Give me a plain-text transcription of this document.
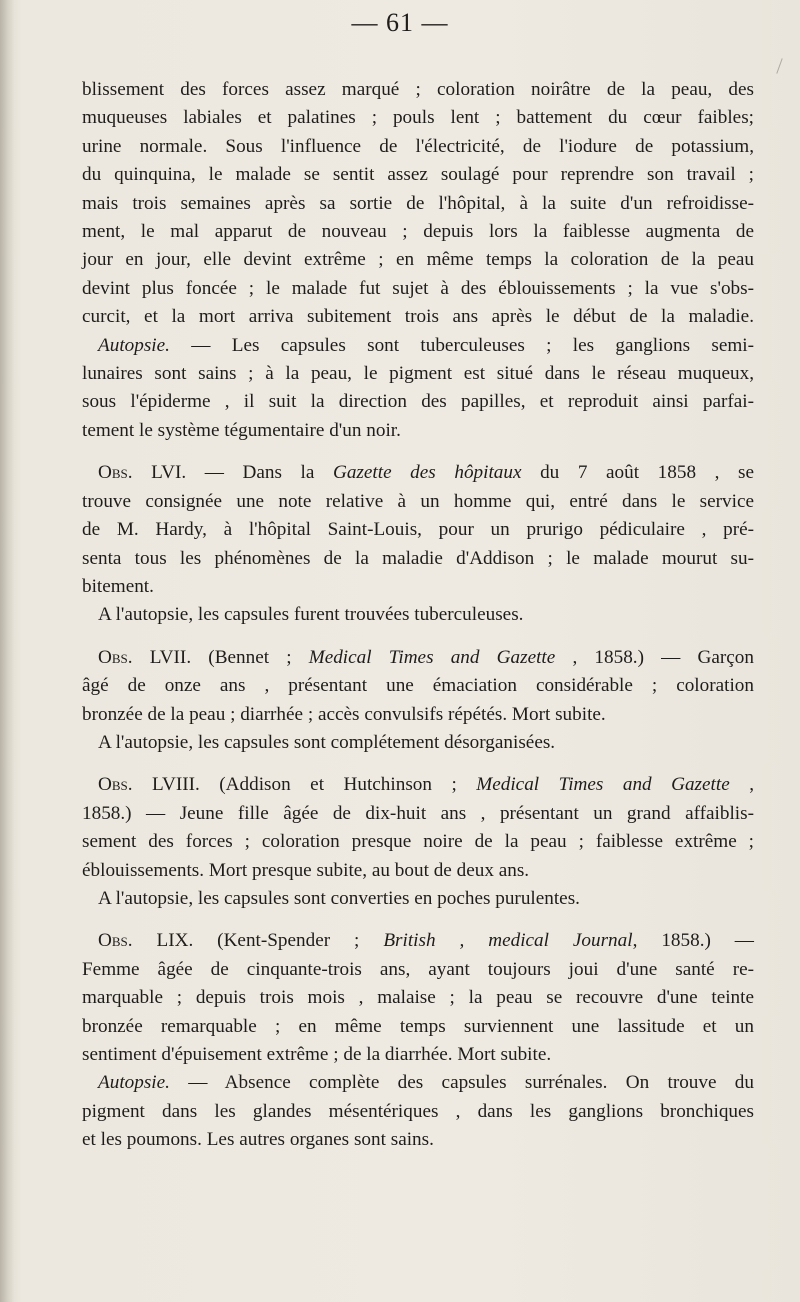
— 61 —
blissement des forces assez marqué ; coloration noirâtre de la peau, des
muqueuses labiales et palatines ; pouls lent ; battement du cœur faibles;
urine normale. Sous l'influence de l'électricité, de l'iodure de potassium,
du quinquina, le malade se sentit assez soulagé pour reprendre son travail ;
mais trois semaines après sa sortie de l'hôpital, à la suite d'un refroidisse-
ment, le mal apparut de nouveau ; depuis lors la faiblesse augmenta de
jour en jour, elle devint extrême ; en même temps la coloration de la peau
devint plus foncée ; le malade fut sujet à des éblouissements ; la vue s'obs-
curcit, et la mort arriva subitement trois ans après le début de la maladie.
Autopsie. — Les capsules sont tuberculeuses ; les ganglions semi-
lunaires sont sains ; à la peau, le pigment est situé dans le réseau muqueux,
sous l'épiderme , il suit la direction des papilles, et reproduit ainsi parfai-
tement le système tégumentaire d'un noir.
Obs. LVI. — Dans la Gazette des hôpitaux du 7 août 1858 , se
trouve consignée une note relative à un homme qui, entré dans le service
de M. Hardy, à l'hôpital Saint-Louis, pour un prurigo pédiculaire , pré-
senta tous les phénomènes de la maladie d'Addison ; le malade mourut su-
bitement.
A l'autopsie, les capsules furent trouvées tuberculeuses.
Obs. LVII. (Bennet ; Medical Times and Gazette , 1858.) — Garçon
âgé de onze ans , présentant une émaciation considérable ; coloration
bronzée de la peau ; diarrhée ; accès convulsifs répétés. Mort subite.
A l'autopsie, les capsules sont complétement désorganisées.
Obs. LVIII. (Addison et Hutchinson ; Medical Times and Gazette ,
1858.) — Jeune fille âgée de dix-huit ans , présentant un grand affaiblis-
sement des forces ; coloration presque noire de la peau ; faiblesse extrême ;
éblouissements. Mort presque subite, au bout de deux ans.
A l'autopsie, les capsules sont converties en poches purulentes.
Obs. LIX. (Kent-Spender ; British , medical Journal, 1858.) —
Femme âgée de cinquante-trois ans, ayant toujours joui d'une santé re-
marquable ; depuis trois mois , malaise ; la peau se recouvre d'une teinte
bronzée remarquable ; en même temps surviennent une lassitude et un
sentiment d'épuisement extrême ; de la diarrhée. Mort subite.
Autopsie. — Absence complète des capsules surrénales. On trouve du
pigment dans les glandes mésentériques , dans les ganglions bronchiques
et les poumons. Les autres organes sont sains.
